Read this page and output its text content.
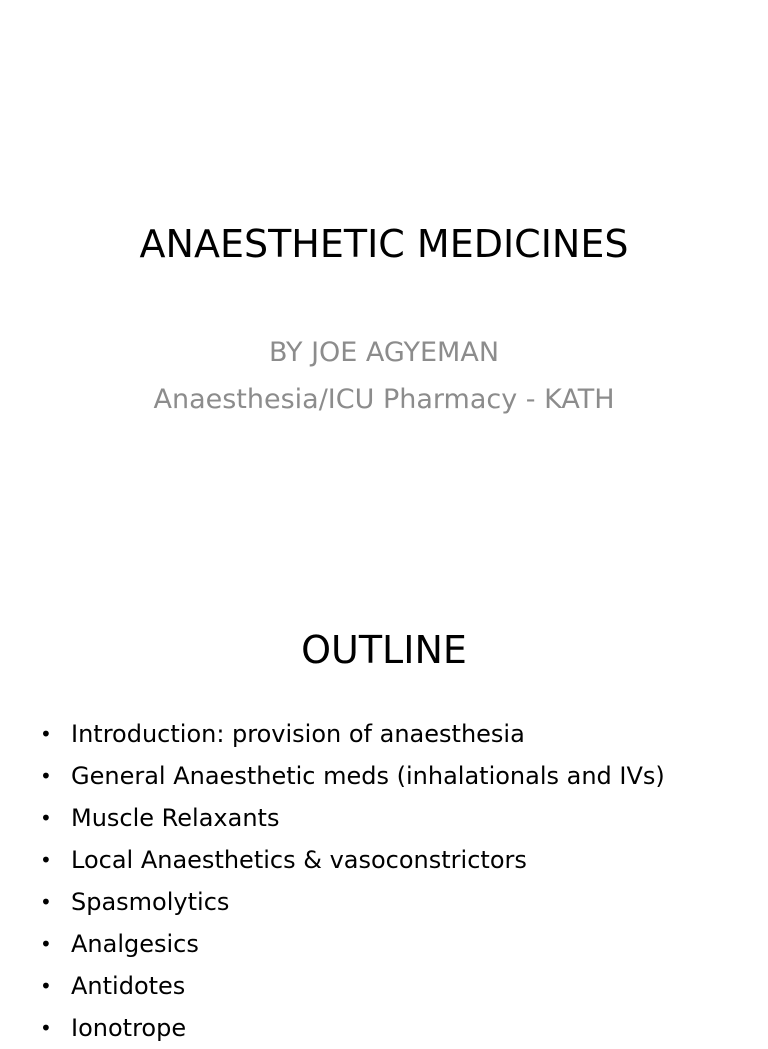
ANAESTHETIC MEDICINES
BY JOE AGYEMAN
Anaesthesia/ICU Pharmacy - KATH
OUTLINE
• Introduction: provision of anaesthesia
• General Anaesthetic meds (inhalationals and IVs)
• Muscle Relaxants
• Local Anaesthetics & vasoconstrictors
• Spasmolytics
• Analgesics
• Antidotes
• Ionotrope
